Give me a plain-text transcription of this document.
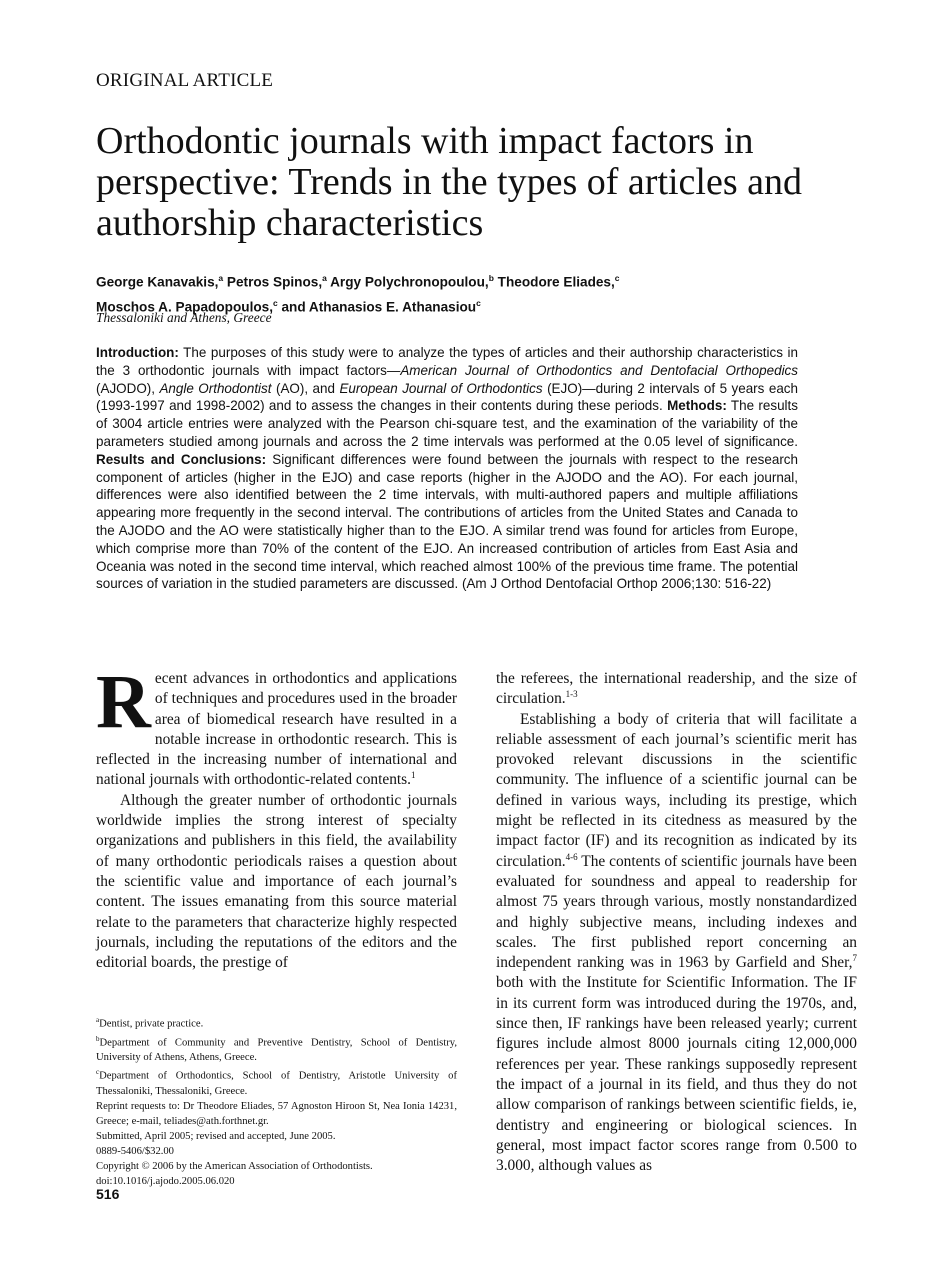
ORIGINAL ARTICLE
Orthodontic journals with impact factors in perspective: Trends in the types of articles and authorship characteristics
George Kanavakis,$^a$ Petros Spinos,$^a$ Argy Polychronopoulou,$^b$ Theodore Eliades,$^c$
Moschos A. Papadopoulos,$^c$ and Athanasios E. Athanasiou$^c$
Thessaloniki and Athens, Greece
Introduction: The purposes of this study were to analyze the types of articles and their authorship characteristics in the 3 orthodontic journals with impact factors—American Journal of Orthodontics and Dentofacial Orthopedics (AJODO), Angle Orthodontist (AO), and European Journal of Orthodontics (EJO)—during 2 intervals of 5 years each (1993-1997 and 1998-2002) and to assess the changes in their contents during these periods. Methods: The results of 3004 article entries were analyzed with the Pearson chi-square test, and the examination of the variability of the parameters studied among journals and across the 2 time intervals was performed at the 0.05 level of significance. Results and Conclusions: Significant differences were found between the journals with respect to the research component of articles (higher in the EJO) and case reports (higher in the AJODO and the AO). For each journal, differences were also identified between the 2 time intervals, with multi-authored papers and multiple affiliations appearing more frequently in the second interval. The contributions of articles from the United States and Canada to the AJODO and the AO were statistically higher than to the EJO. A similar trend was found for articles from Europe, which comprise more than 70% of the content of the EJO. An increased contribution of articles from East Asia and Oceania was noted in the second time interval, which reached almost 100% of the previous time frame. The potential sources of variation in the studied parameters are discussed. (Am J Orthod Dentofacial Orthop 2006;130: 516-22)

Recent advances in orthodontics and applications of techniques and procedures used in the broader area of biomedical research have resulted in a notable increase in orthodontic research. This is reflected in the increasing number of international and national journals with orthodontic-related contents.$^1$

Although the greater number of orthodontic journals worldwide implies the strong interest of specialty organizations and publishers in this field, the availability of many orthodontic periodicals raises a question about the scientific value and importance of each journal’s content. The issues emanating from this source material relate to the parameters that characterize highly respected journals, including the reputations of the editors and the editorial boards, the prestige of

$^a$Dentist, private practice.
$^b$Department of Community and Preventive Dentistry, School of Dentistry, University of Athens, Athens, Greece.
$^c$Department of Orthodontics, School of Dentistry, Aristotle University of Thessaloniki, Thessaloniki, Greece.
Reprint requests to: Dr Theodore Eliades, 57 Agnoston Hiroon St, Nea Ionia 14231, Greece; e-mail, teliades@ath.forthnet.gr.
Submitted, April 2005; revised and accepted, June 2005.
0889-5406/$32.00
Copyright © 2006 by the American Association of Orthodontists.
doi:10.1016/j.ajodo.2005.06.020

the referees, the international readership, and the size of circulation.$^{1-3}$

Establishing a body of criteria that will facilitate a reliable assessment of each journal’s scientific merit has provoked relevant discussions in the scientific community. The influence of a scientific journal can be defined in various ways, including its prestige, which might be reflected in its citedness as measured by the impact factor (IF) and its recognition as indicated by its circulation.$^{4-6}$ The contents of scientific journals have been evaluated for soundness and appeal to readership for almost 75 years through various, mostly nonstandardized and highly subjective means, including indexes and scales. The first published report concerning an independent ranking was in 1963 by Garfield and Sher,$^7$ both with the Institute for Scientific Information. The IF in its current form was introduced during the 1970s, and, since then, IF rankings have been released yearly; current figures include almost 8000 journals citing 12,000,000 references per year. These rankings supposedly represent the impact of a journal in its field, and thus they do not allow comparison of rankings between scientific fields, ie, dentistry and engineering or biological sciences. In general, most impact factor scores range from 0.500 to 3.000, although values as

516
